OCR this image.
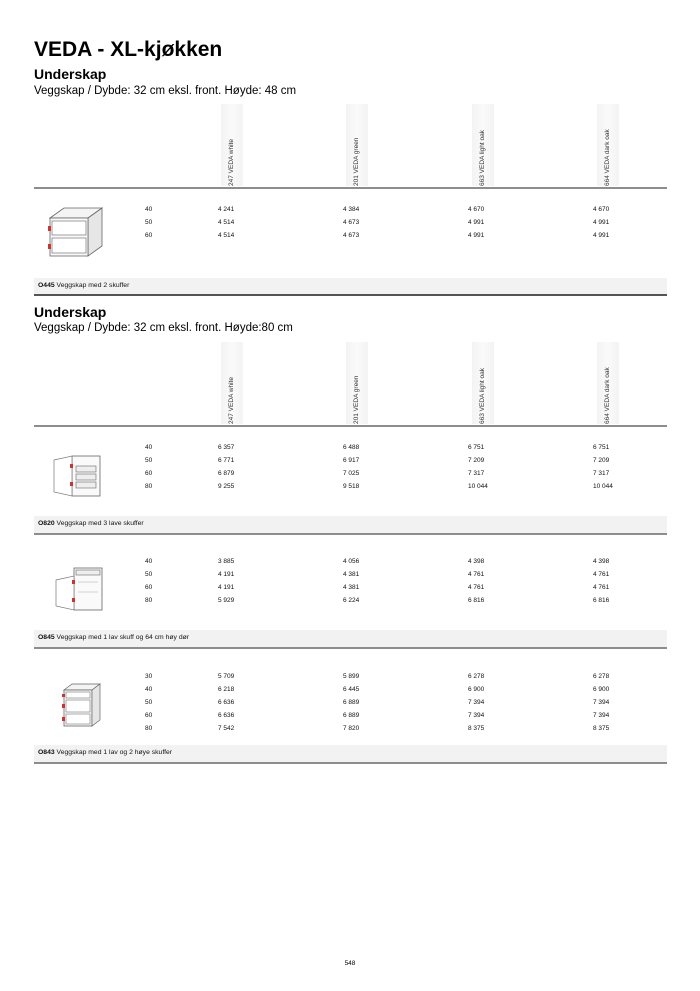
VEDA - XL-kjøkken
Underskap

Veggskap / Dybde: 32 cm eksl. front. Høyde: 48 cm

247 VEDA white	201 VEDA green	663 VEDA light oak	664 VEDA dark oak
40	4 241	4 384	4 670	4 670
50	4 514	4 673	4 991	4 991
60	4 514	4 673	4 991	4 991
O445 Veggskap med 2 skuffer
Underskap

Veggskap / Dybde: 32 cm eksl. front. Høyde:80 cm

247 VEDA white	201 VEDA green	663 VEDA light oak	664 VEDA dark oak
40	6 357	6 488	6 751	6 751
50	6 771	6 917	7 209	7 209
60	6 879	7 025	7 317	7 317
80	9 255	9 518	10 044	10 044
O820 Veggskap med 3 lave skuffer
40	3 885	4 056	4 398	4 398
50	4 191	4 381	4 761	4 761
60	4 191	4 381	4 761	4 761
80	5 929	6 224	6 816	6 816
O845 Veggskap med 1 lav skuff og 64 cm høy dør
30	5 709	5 899	6 278	6 278
40	6 218	6 445	6 900	6 900
50	6 636	6 889	7 394	7 394
60	6 636	6 889	7 394	7 394
80	7 542	7 820	8 375	8 375
O843 Veggskap med 1 lav og 2 høye skuffer
548
